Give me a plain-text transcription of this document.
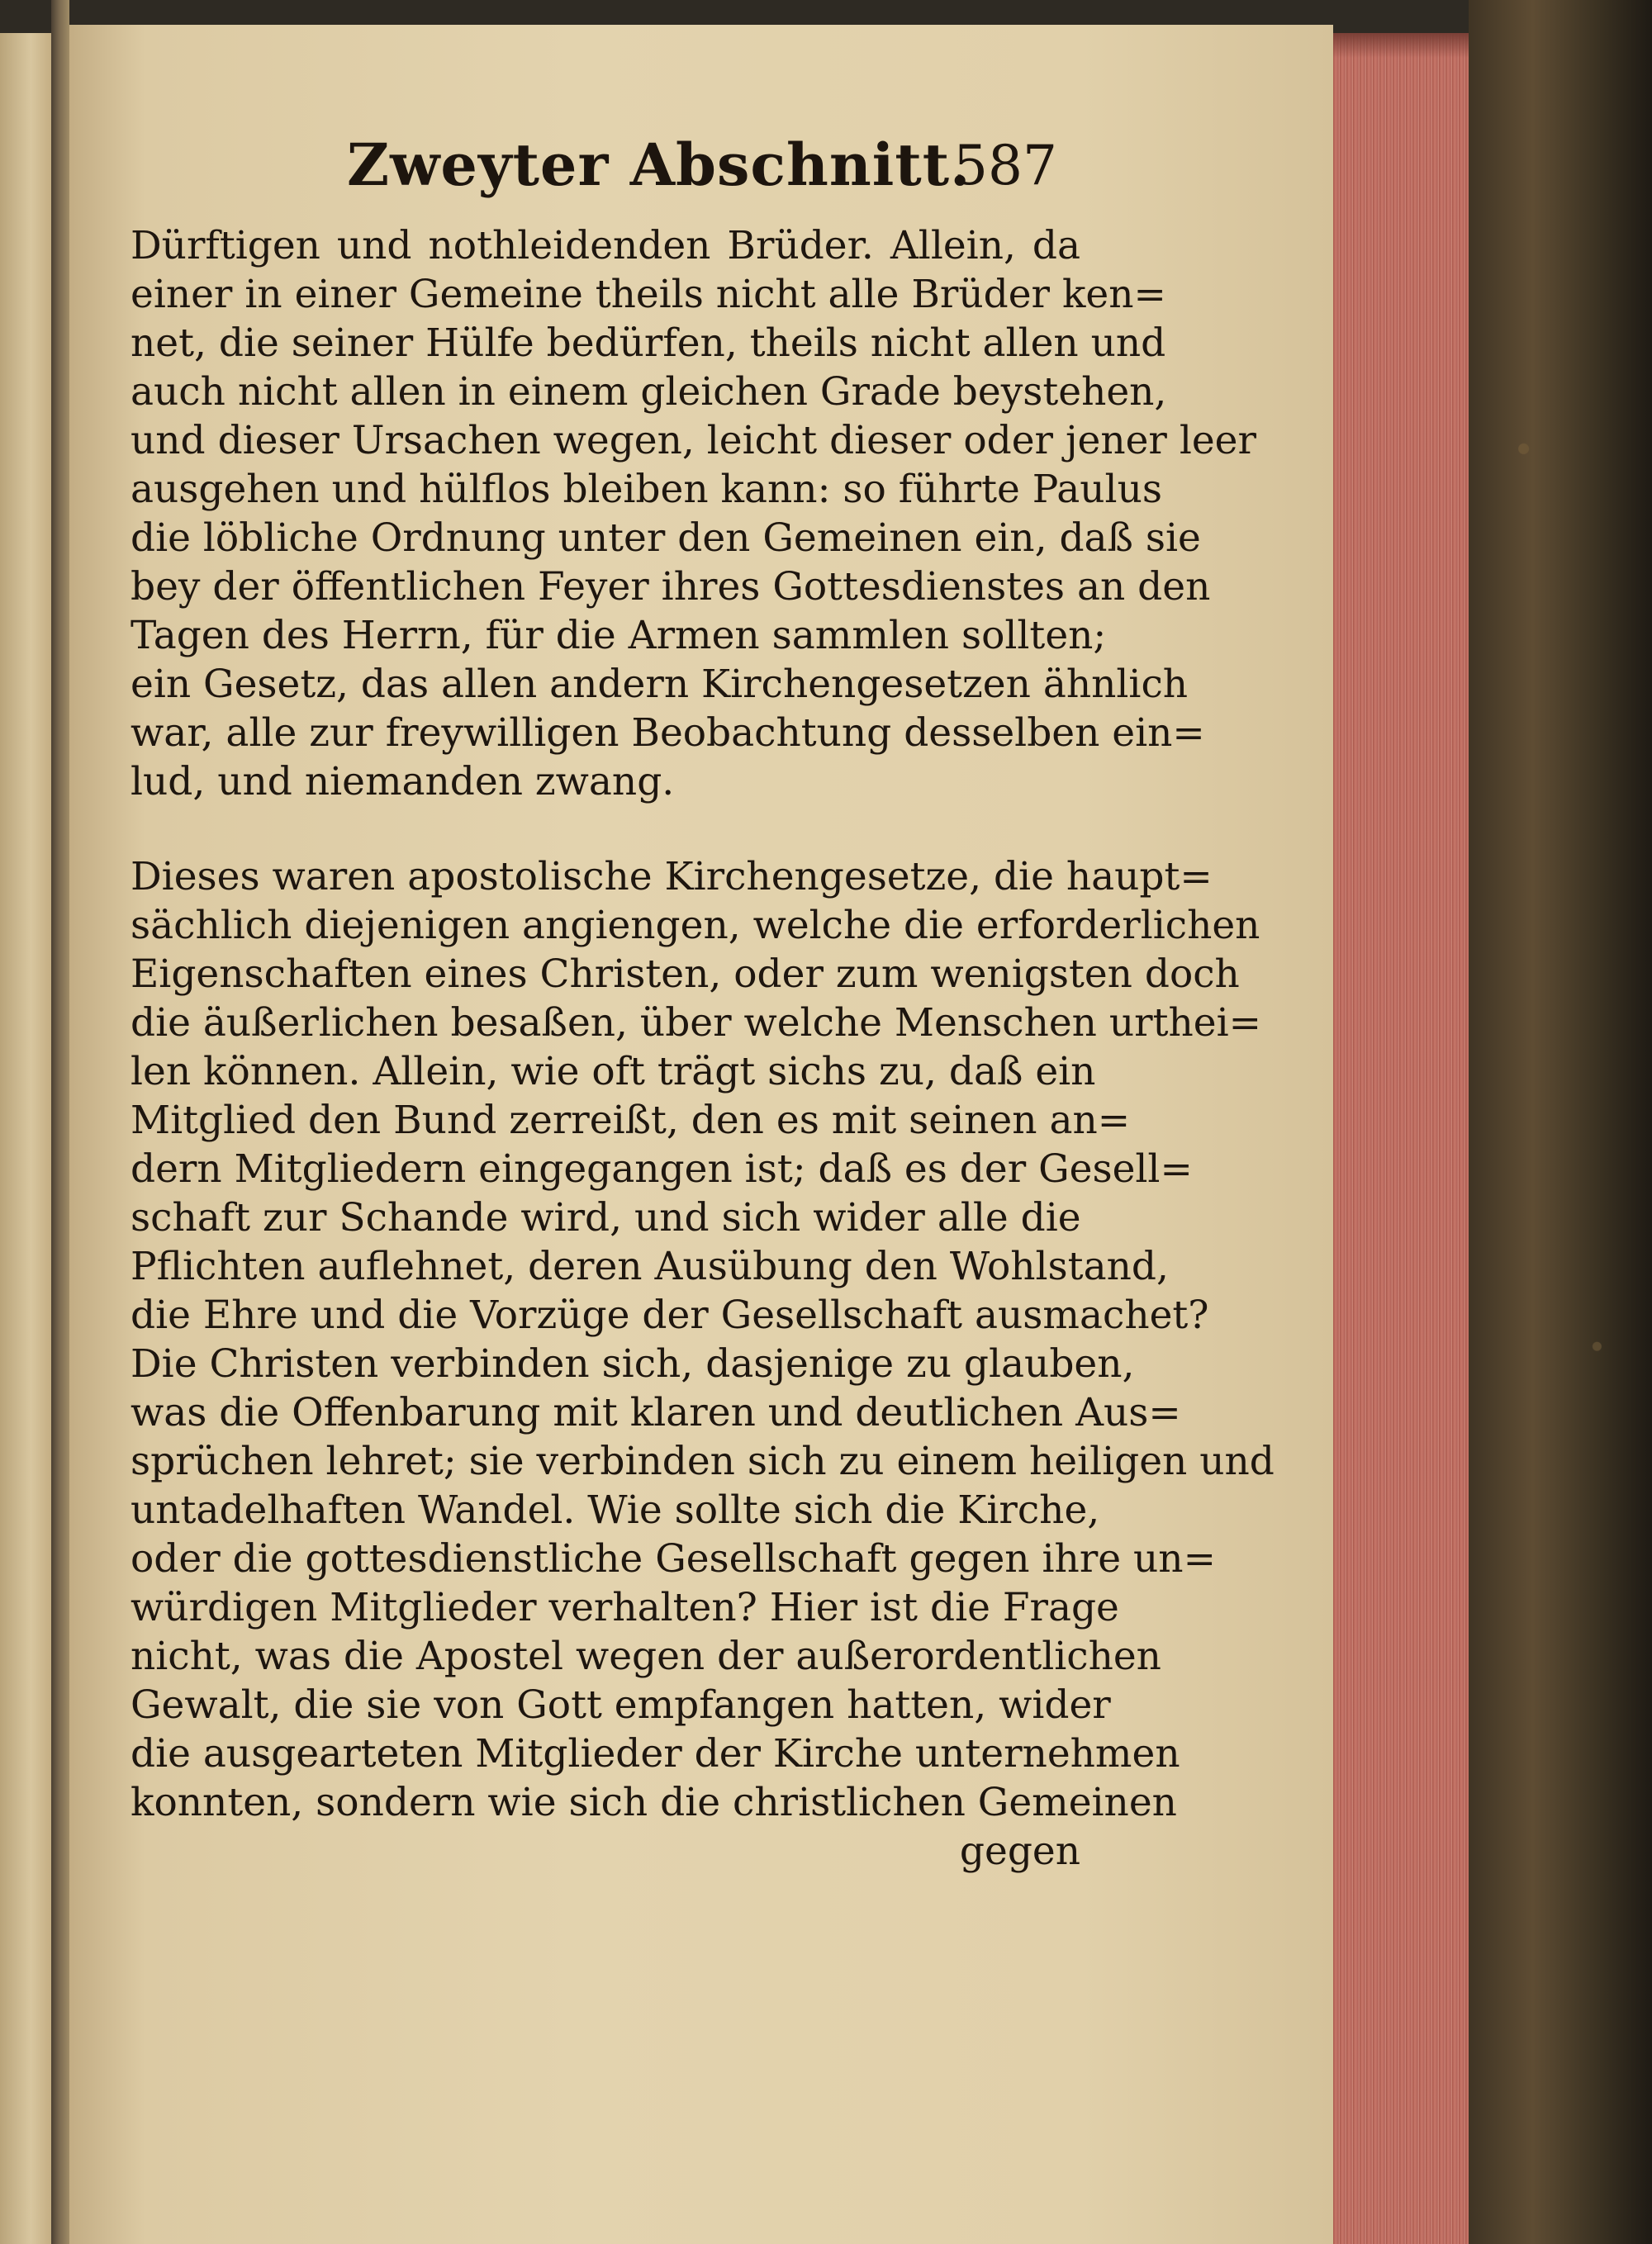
Zweyter Abschnitt.
587
Dürftigen und nothleidenden Brüder. Allein, da
einer in einer Gemeine theils nicht alle Brüder ken=
net, die seiner Hülfe bedürfen, theils nicht allen und
auch nicht allen in einem gleichen Grade beystehen,
und dieser Ursachen wegen, leicht dieser oder jener leer
ausgehen und hülflos bleiben kann: so führte Paulus
die löbliche Ordnung unter den Gemeinen ein, daß sie
bey der öffentlichen Feyer ihres Gottesdienstes an den
Tagen des Herrn, für die Armen sammlen sollten;
ein Gesetz, das allen andern Kirchengesetzen ähnlich
war, alle zur freywilligen Beobachtung desselben ein=
lud, und niemanden zwang.
Dieses waren apostolische Kirchengesetze, die haupt=
sächlich diejenigen angiengen, welche die erforderlichen
Eigenschaften eines Christen, oder zum wenigsten doch
die äußerlichen besaßen, über welche Menschen urthei=
len können. Allein, wie oft trägt sichs zu, daß ein
Mitglied den Bund zerreißt, den es mit seinen an=
dern Mitgliedern eingegangen ist; daß es der Gesell=
schaft zur Schande wird, und sich wider alle die
Pflichten auflehnet, deren Ausübung den Wohlstand,
die Ehre und die Vorzüge der Gesellschaft ausmachet?
Die Christen verbinden sich, dasjenige zu glauben,
was die Offenbarung mit klaren und deutlichen Aus=
sprüchen lehret; sie verbinden sich zu einem heiligen und
untadelhaften Wandel. Wie sollte sich die Kirche,
oder die gottesdienstliche Gesellschaft gegen ihre un=
würdigen Mitglieder verhalten? Hier ist die Frage
nicht, was die Apostel wegen der außerordentlichen
Gewalt, die sie von Gott empfangen hatten, wider
die ausgearteten Mitglieder der Kirche unternehmen
konnten, sondern wie sich die christlichen Gemeinen
gegen
